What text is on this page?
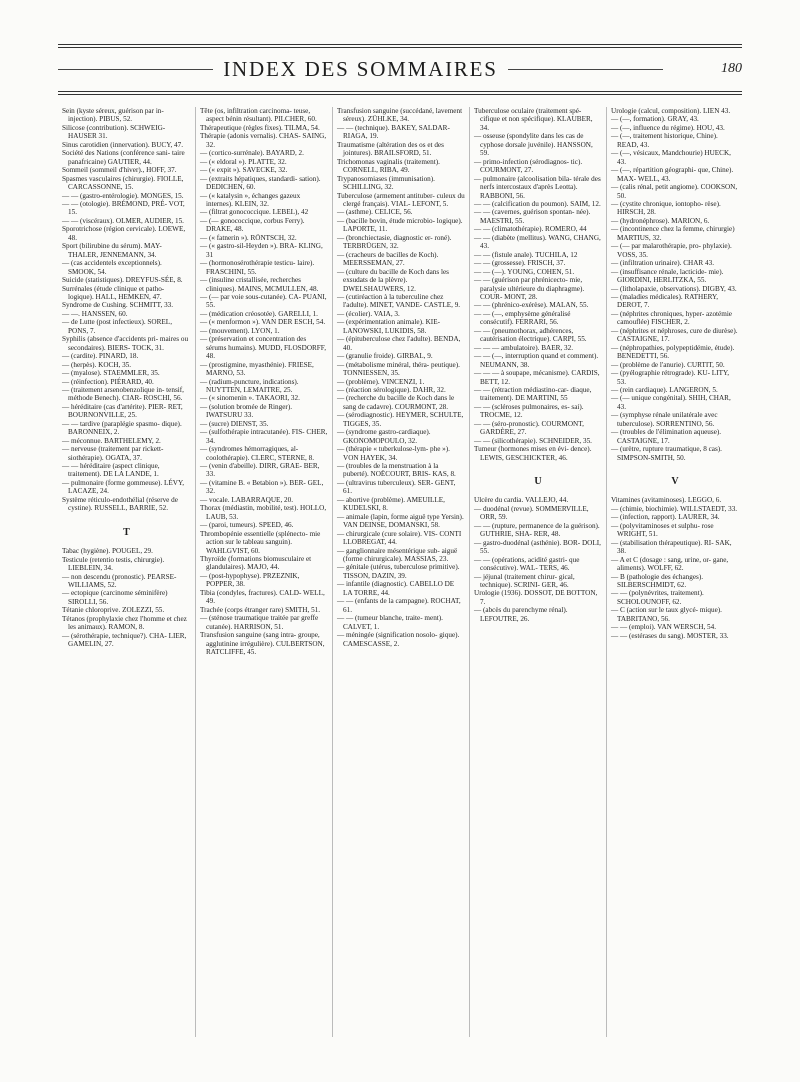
INDEX DES SOMMAIRES	180

Sein (kyste séreux, guérison par in- injection). PIBUS, 52.

Silicose (contribution). SCHWEIG- HAUSER 31.

Sinus carotidien (innervation). BUCY, 47.

Société des Nations (conférence sani- taire panafricaine) GAUTIER, 44.

Sommeil (sommeil d'hiver)., HOFF, 37.

Spasmes vasculaires (chirurgie). FIOLLE, CARCASSONNE, 15.

— — (gastro-entérologie). MONGES, 15.

— — (otologie). BRÉMOND, PRÉ- VOT, 15.

— — (viscéraux). OLMER, AUDIER, 15.

Sporotrichose (région cervicale). LOEWE, 48.

Sport (bilirubine du sérum). MAY- THALER, JENNEMANN, 34.

— (cas accidentels exceptionnels). SMOOK, 54.

Suicide (statistiques). DREYFUS-SÉE, 8.

Surrénales (étude clinique et patho- logique). HALL, HEMKEN, 47.

Syndrome de Cushing. SCHMITT, 33.

— —. HANSSEN, 60.

— de Lutte (post infectieux). SOREL, PONS, 7.

Syphilis (absence d'accidents pri- maires ou secondaires). BIERS- TOCK, 31.

— (cardite). PINARD, 18.

— (herpès). KOCH, 35.

— (myalose). STAEMMLER, 35.

— (réinfection). PIÉRARD, 40.

— (traitement arsenobenzolique in- tensif, méthode Benech). CIAR- ROSCHI, 56.

— héréditaire (cas d'artérite). PIER- RET, BOURNONVILLE, 25.

— — tardive (paraplégie spasmo- dique). BARONNEIX, 2.

— méconnue. BARTHELEMY, 2.

— nerveuse (traitement par rickett- siothérapie). OGATA, 37.

— — héréditaire (aspect clinique, traitement). DE LA LANDE, 1.

— pulmonaire (forme gommeuse). LÉVY, LACAZE, 24.

Système réticulo-endothélial (réserve de cystine). RUSSELL, BARRIE, 52.

T

Tabac (hygiène). POUGEL, 29.

Testicule (retentio testis, chirurgie). LIEBLEIN, 34.

— non descendu (pronostic). PEARSE-WILLIAMS, 52.

— ectopique (carcinome séminifère) SIROLLI, 56.

Tétanie chloroprive. ZOLEZZI, 55.

Tétanos (prophylaxie chez l'homme et chez les animaux). RAMON, 8.

— (sérothérapie, technique?). CHA- LIER, GAMELIN, 27.

Tête (os, infiltration carcinoma- teuse, aspect bénin résultant). PILCHER, 60.

Thérapeutique (règles fixes). TILMA, 54.

Thérapie (adonis vernalis). CHAS- SAING, 32.

— (cortico-surrénale). BAYARD, 2.

— (« eldoral »). PLATTE, 32.

— (« expit »). SAVECKE, 32.

— (extraits hépatiques, standardi- sation). DEDICHEN, 60.

— (« katalysin », échanges gazeux internes). KLEIN, 32.

— (filtrat gonococcique. LEBEL), 42

— (— gonococcique, corbus Ferry). DRAKE, 48.

— (« fatnerin »). RÖNTSCH, 32.

— (« gastro-sil-Heyden »). BRA- KLING, 31

— (hormonosérothérapie testicu- laire). FRASCHINI, 55.

— (insuline cristallisée, recherches cliniques). MAINS, MCMULLEN, 48.

— (— par voie sous-cutanée). CA- PUANI, 55.

— (médication créosotée). GARELLI, 1.

— (« menformon »). VAN DER ESCH, 54.

— (mouvement). LYON, 1.

— (préservation et concentration des sérums humains). MUDD, FLOSDORFF, 48.

— (prostigmine, myasthénie). FRIESE, MARNO, 53.

— (radium-puncture, indications). NUYTTEN, LEMAITRE, 25.

— (« sinomenin ». TAKAORI, 32.

— (solution bromée de Ringer). IWATSURU 33.

— (sucre) DIENST, 35.

— (sulfothérapie intracutanée). FIS- CHER, 34.

— (syndromes hémorragiques, al- coolothérapie). CLERC, STERNE, 8.

— (venin d'abeille). DIRR, GRAE- BER, 33.

— (vitamine B. « Betabion »). BER- GEL, 32.

— vocale. LABARRAQUE, 20.

Thorax (médiastin, mobilité, test). HOLLO, LAUB, 53.

— (paroi, tumeurs). SPEED, 46.

Thrombopénie essentielle (splénecto- mie action sur le tableau sanguin). WAHLGVIST, 60.

Thyroïde (formations biomusculaire et glandulaires). MAJO, 44.

— (post-hypophyse). PRZEZNIK, POPPER, 38.

Tibia (condyles, fractures). CALD- WELL, 49.

Trachée (corps étranger rare) SMITH, 51.

— (sténose traumatique traitée par greffe cutanée). HARRISON, 51.

Transfusion sanguine (sang intra- groupe, agglutinine irrégulière). CULBERTSON, RATCLIFFE, 45.

Transfusion sanguine (succédané, lavement séreux). ZÜHLKE, 34.

— — (technique). BAKEY, SALDAR- RIAGA, 19.

Traumatisme (altération des os et des jointures). BRAILSFORD, 51.

Trichomonas vaginalis (traitement). CORNELL, RIBA, 49.

Trypanosomiases (immunisation). SCHILLING, 32.

Tuberculose (armement antituber- culeux du clergé français). VIAL- LEFONT, 5.

— (asthme). CELICE, 56.

— (bacille bovin, étude microbio- logique). LAPORTE, 11.

— (bronchiectasie, diagnostic er- roné). TERBRÜGEN, 32.

— (cracheurs de bacilles de Koch). MEERSSEMAN, 27.

— (culture du bacille de Koch dans les exsudats de la plèvre). DWELSHAUWERS, 12.

— (cutiréaction à la tuberculine chez l'adulte). MINET, VANDE- CASTLE, 9.

— (écolier). VAIA, 3.

— (expérimentation animale). KIE- LANOWSKI, LUKIDIS, 58.

— (épituberculose chez l'adulte). BENDA, 40.

— (granulie froide). GIRBAL, 9.

— (métabolisme minéral, théra- peutique). TONNIESSEN, 35.

— (problème). VINCENZI, 1.

— (réaction sérologique). DAHR, 32.

— (recherche du bacille de Koch dans le sang de cadavre). COURMONT, 28.

— (sérodiagnostic). HEYMER, SCHULTE, TIGGES, 35.

— (syndrome gastro-cardiaque). GKONOMOPOULO, 32.

— (thérapie « tuberkulose-lym- phe »). VON HAYEK, 34.

— (troubles de la menstruation à la puberté). NOËCOURT, BRIS- KAS, 8.

— (ultravirus tuberculeux). SER- GENT, 61.

— abortive (problème). AMEUILLE, KUDELSKI, 8.

— animale (lapin, forme aiguë type Yersin). VAN DEINSE, DOMANSKI, 58.

— chirurgicale (cure solaire). VIS- CONTI LLOBREGAT, 44.

— ganglionnaire mésentérique sub- aiguë (forme chirurgicale). MASSIAS, 23.

— génitale (utérus, tuberculose primitive). TISSON, DAZIN, 39.

— infantile (diagnostic). CABELLO DE LA TORRE, 44.

— — (enfants de la campagne). ROCHAT, 61.

— — (tumeur blanche, traite- ment). CALVET, 1.

— méningée (signification nosolo- gique). CAMESCASSE, 2.

Tuberculose oculaire (traitement spé- cifique et non spécifique). KLAUBER, 34.

— osseuse (spondylite dans les cas de cyphose dorsale juvénile). HANSSON, 59.

— primo-infection (sérodiagnos- tic). COURMONT, 27.

— pulmonaire (alcoolisation bila- térale des nerfs intercostaux d'après Leotta). RABBONI, 56.

— — (calcification du poumon). SAIM, 12.

— — (cavernes, guérison spontan- née). MAESTRI, 55.

— — (climatothérapie). ROMERO, 44

— — (diabète (mellitus). WANG, CHANG, 43.

— — (fistule anale). TUCHILA, 12

— — (grossesse). FRISCH, 37.

— — (—). YOUNG, COHEN, 51.

— — (guérison par phrénicecto- mie, paralysie ultérieure du diaphragme). COUR- MONT, 28.

— — (phrénico-exérèse). MALAN, 55.

— — (—, emphysème généralisé consécutif). FERRARI, 56.

— — (pneumothorax, adhérences, cautérisation électrique). CARPI, 55.

— — — ambulatoire). BAER, 32.

— — (—, interruption quand et comment). NEUMANN, 38.

— — — à soupape, mécanisme). CARDIS, BETT, 12.

— — (rétraction médiastino-car- diaque, traitement). DE MARTINI, 55

— — (scléroses pulmonaires, es- sai). TROCME, 12.

— — (séro-pronostic). COURMONT, GARDÈRE, 27.

— — (silicothérapie). SCHNEIDER, 35.

Tumeur (hormones mises en évi- dence). LEWIS, GESCHICKTER, 46.

U

Ulcère du cardia. VALLEJO, 44.

— duodénal (revue). SOMMERVILLE, ORR, 59.

— — (rupture, permanence de la guérison). GUTHRIE, SHA- RER, 48.

— gastro-duodénal (asthénie). BOR- DOLI, 55.

— — (opérations, acidité gastri- que consécutive). WAL- TERS, 46.

— jéjunal (traitement chirur- gical, technique). SCRINI- GER, 46.

Urologie (1936). DOSSOT, DE BOTTON, 7.

— (abcès du parenchyme rénal). LEFOUTRE, 26.

Urologie (calcul, composition). LIEN 43.

— (—, formation). GRAY, 43.

— (—, influence du régime). HOU, 43.

— (—, traitement historique, Chine). READ, 43.

— (—, vésicaux, Mandchourie) HUECK, 43.

— (—, répartition géographi- que, Chine). MAX- WELL, 43.

— (calis rénal, petit angiome). COOKSON, 50.

— (cystite chronique, iontopho- rèse). HIRSCH, 28.

— (hydronéphrose). MARION, 6.

— (incontinence chez la femme, chirurgie) MARTIUS, 32.

— (— par malarothérapie, pro- phylaxie). VOSS, 35.

— (infiltration urinaire). CHAR 43.

— (insuffisance rénale, lacticide- mie). GIORDINI, HERLITZKA, 55.

— (litholapaxie, observations). DIGBY, 43.

— (maladies médicales). RATHERY, DEROT, 7.

— (néphrites chroniques, hyper- azotémie camouflée) FISCHER, 2.

— (néphrites et néphroses, cure de diurèse). CASTAIGNE, 17.

— (néphropathies, polypeptidémie, étude). BENEDETTI, 56.

— (problème de l'anurie). CURTIT, 50.

— (pyélographie rétrograde). KU- LITY, 53.

— (rein cardiaque). LANGERON, 5.

— (— unique congénital). SHIH, CHAR, 43.

— (symphyse rénale unilatérale avec tuberculose). SORRENTINO, 56.

— (troubles de l'élimination aqueuse). CASTAIGNE, 17.

— (urètre, rupture traumatique, 8 cas). SIMPSON-SMITH, 50.

V

Vitamines (avitaminoses). LEGGO, 6.

— (chimie, biochimie). WILLSTAEDT, 33.

— (infection, rapport). LAURER, 34.

— (polyvitaminoses et sulphu- rose WRIGHT, 51.

— (stabilisation thérapeutique). RI- SAK, 38.

— A et C (dosage : sang, urine, or- gane, aliments). WOLFF, 62.

— B (pathologie des échanges). SILBERSCHMIDT, 62.

— — (polynévrites, traitement). SCHOLOUNOFF, 62.

— C (action sur le taux glycé- mique). TABRITANO, 56.

— — (emploi). VAN WERSCH, 54.

— — (estérases du sang). MOSTER, 33.
